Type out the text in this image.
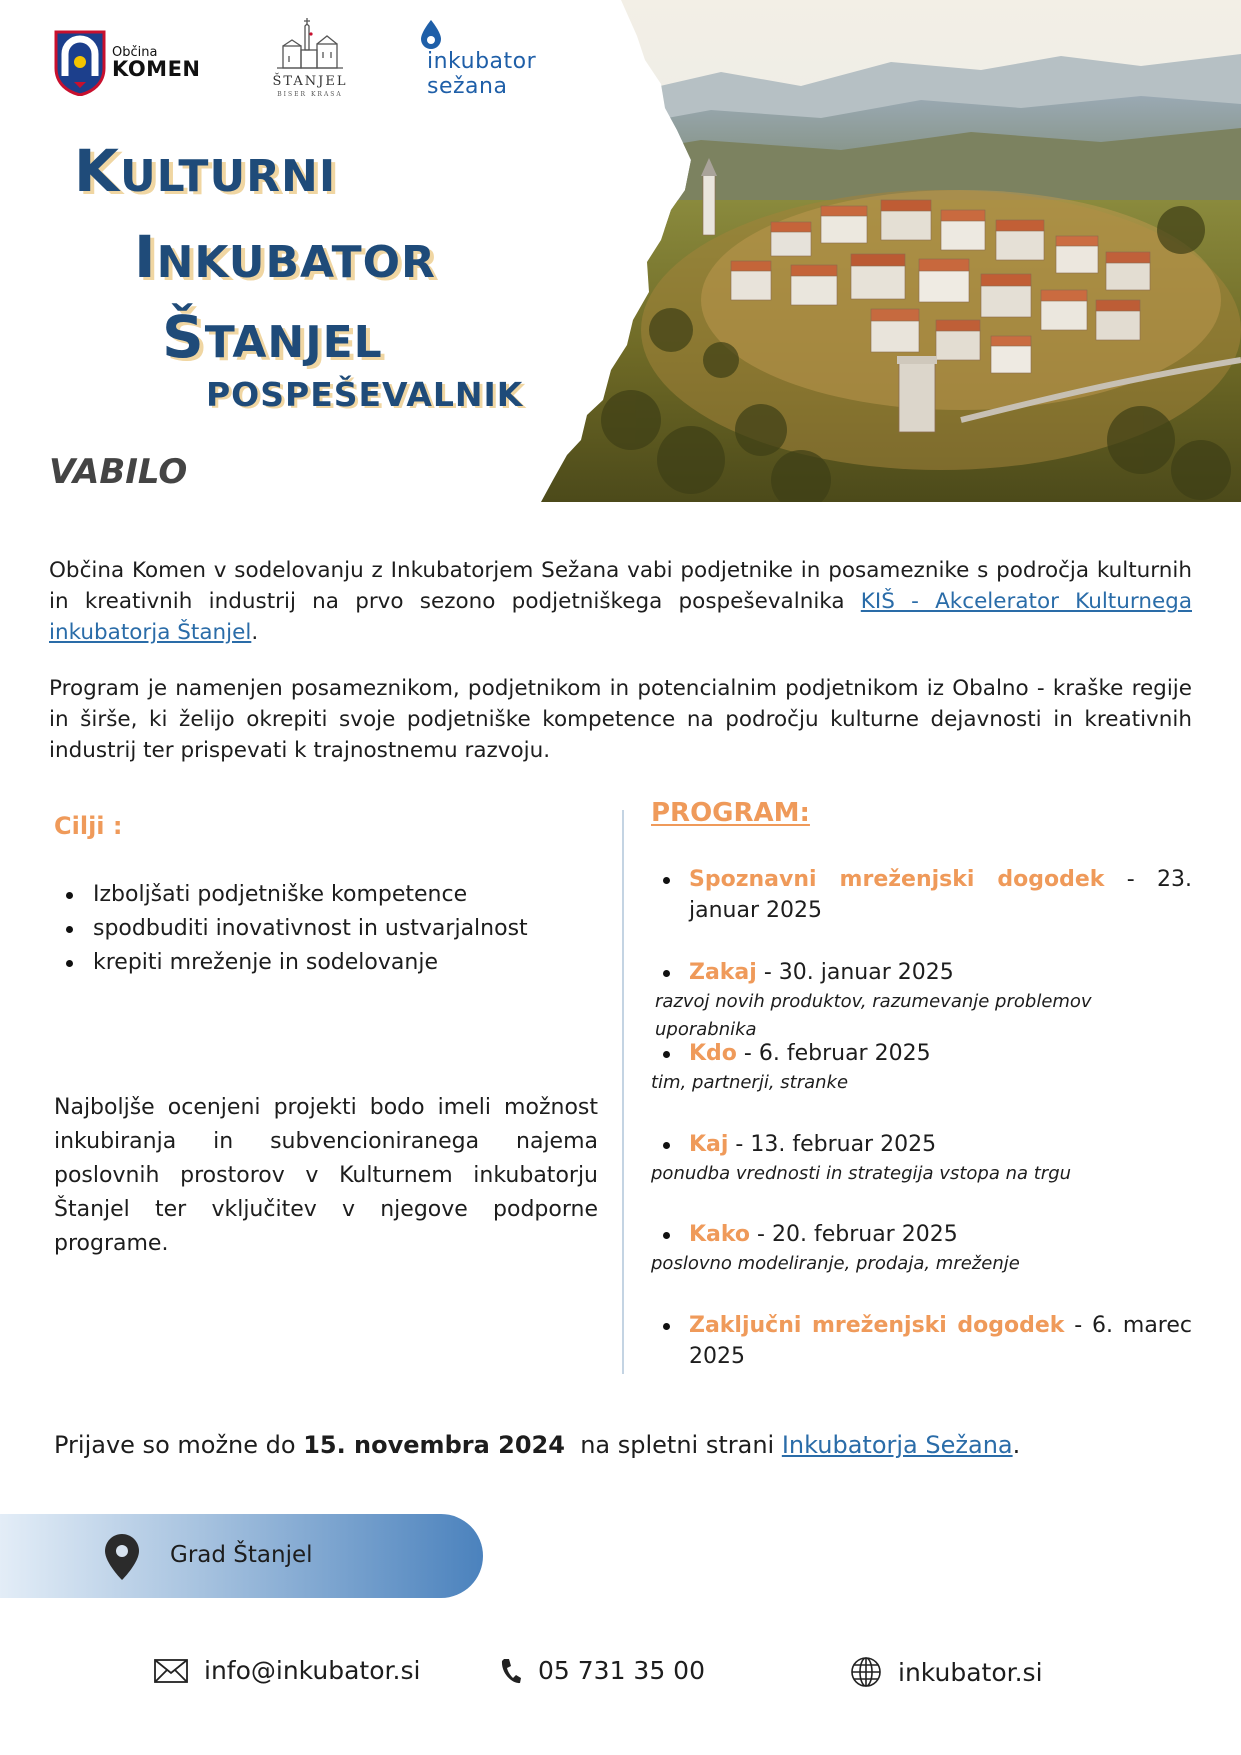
Občina
KOMEN
ŠTANJEL
BISER KRASA
inkubator
sežana
KULTURNI
INKUBATOR
ŠTANJEL
POSPEŠEVALNIK
VABILO

Občina Komen v sodelovanju z Inkubatorjem Sežana vabi podjetnike in posameznike s področja kulturnih in kreativnih industrij na prvo sezono podjetniškega pospeševalnika KIŠ - Akcelerator Kulturnega inkubatorja Štanjel.

Program je namenjen posameznikom, podjetnikom in potencialnim podjetnikom iz Obalno - kraške regije in širše, ki želijo okrepiti svoje podjetniške kompetence na področju kulturne dejavnosti in kreativnih industrij ter prispevati k trajnostnemu razvoju.

Cilji :
Izboljšati podjetniške kompetence
spodbuditi inovativnost in ustvarjalnost
krepiti mreženje in sodelovanje

Najboljše ocenjeni projekti bodo imeli možnost inkubiranja in subvencioniranega najema poslovnih prostorov v Kulturnem inkubatorju Štanjel ter vključitev v njegove podporne programe.

PROGRAM:
Spoznavni mreženjski dogodek - 23. januar 2025
Zakaj - 30. januar 2025
razvoj novih produktov, razumevanje problemov uporabnika
Kdo - 6. februar 2025
tim, partnerji, stranke
Kaj - 13. februar 2025
ponudba vrednosti in strategija vstopa na trgu
Kako - 20. februar 2025
poslovno modeliranje, prodaja, mreženje
Zaključni mreženjski dogodek - 6. marec 2025
Prijave so možne do 15. novembra 2024  na spletni strani Inkubatorja Sežana.
Grad Štanjel
info@inkubator.si	05 731 35 00	inkubator.si
